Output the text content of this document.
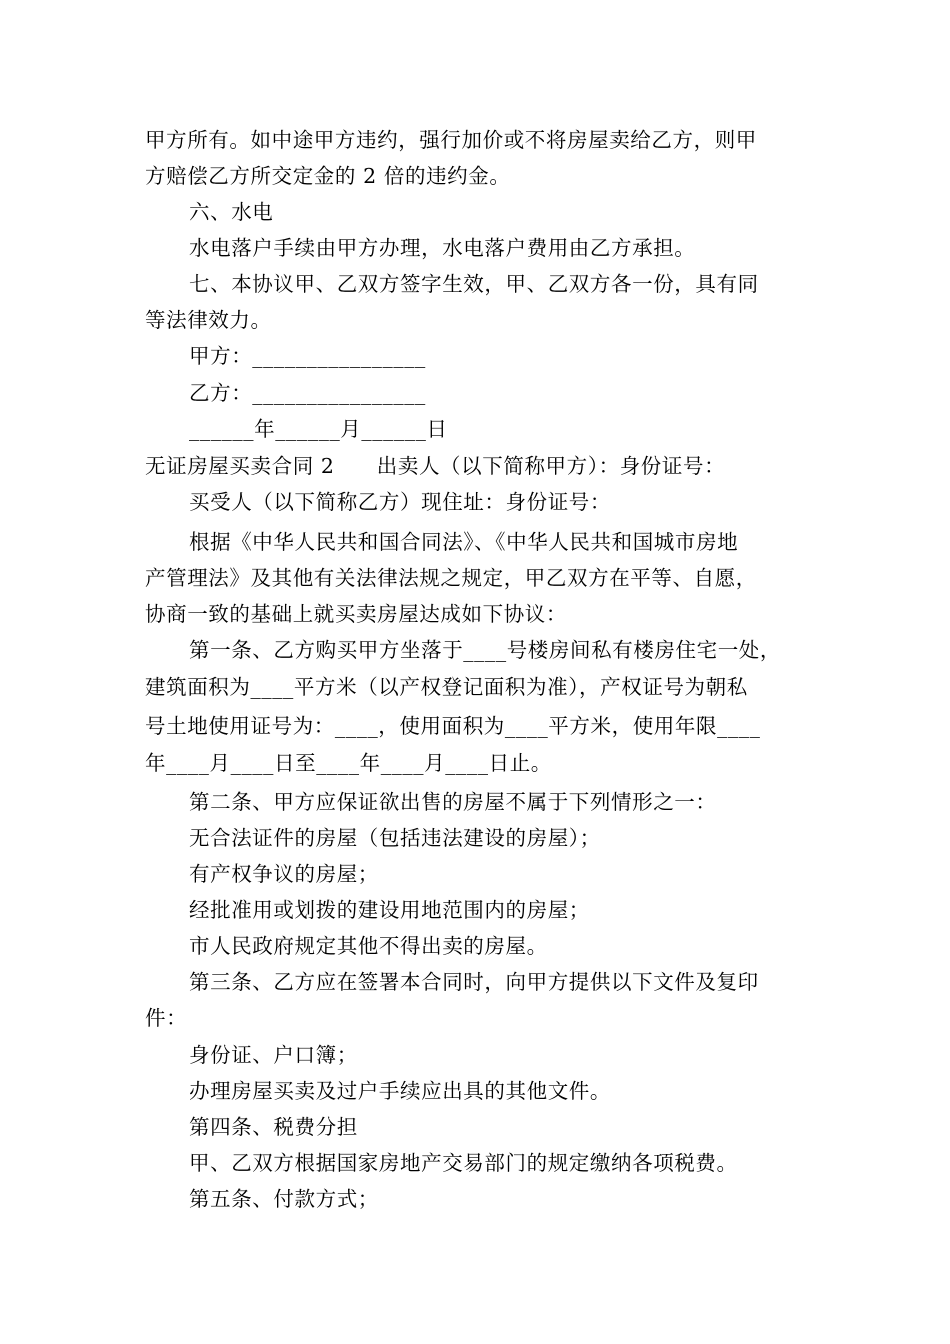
甲方所有。如中途甲方违约，强行加价或不将房屋卖给乙方，则甲
方赔偿乙方所交定金的 2 倍的违约金。
六、水电
水电落户手续由甲方办理，水电落户费用由乙方承担。
七、本协议甲、乙双方签字生效，甲、乙双方各一份，具有同
等法律效力。
甲方：________________
乙方：________________
______年______月______日
无证房屋买卖合同 2　　出卖人（以下简称甲方）：身份证号：
买受人（以下简称乙方）现住址：身份证号：
根据《中华人民共和国合同法》、《中华人民共和国城市房地
产管理法》及其他有关法律法规之规定，甲乙双方在平等、自愿，
协商一致的基础上就买卖房屋达成如下协议：
第一条、乙方购买甲方坐落于____号楼房间私有楼房住宅一处，
建筑面积为____平方米（以产权登记面积为准），产权证号为朝私
号土地使用证号为：____，使用面积为____平方米，使用年限____
年____月____日至____年____月____日止。
第二条、甲方应保证欲出售的房屋不属于下列情形之一：
无合法证件的房屋（包括违法建设的房屋）；
有产权争议的房屋；
经批准用或划拨的建设用地范围内的房屋；
市人民政府规定其他不得出卖的房屋。
第三条、乙方应在签署本合同时，向甲方提供以下文件及复印
件：
身份证、户口簿；
办理房屋买卖及过户手续应出具的其他文件。
第四条、税费分担
甲、乙双方根据国家房地产交易部门的规定缴纳各项税费。
第五条、付款方式；
